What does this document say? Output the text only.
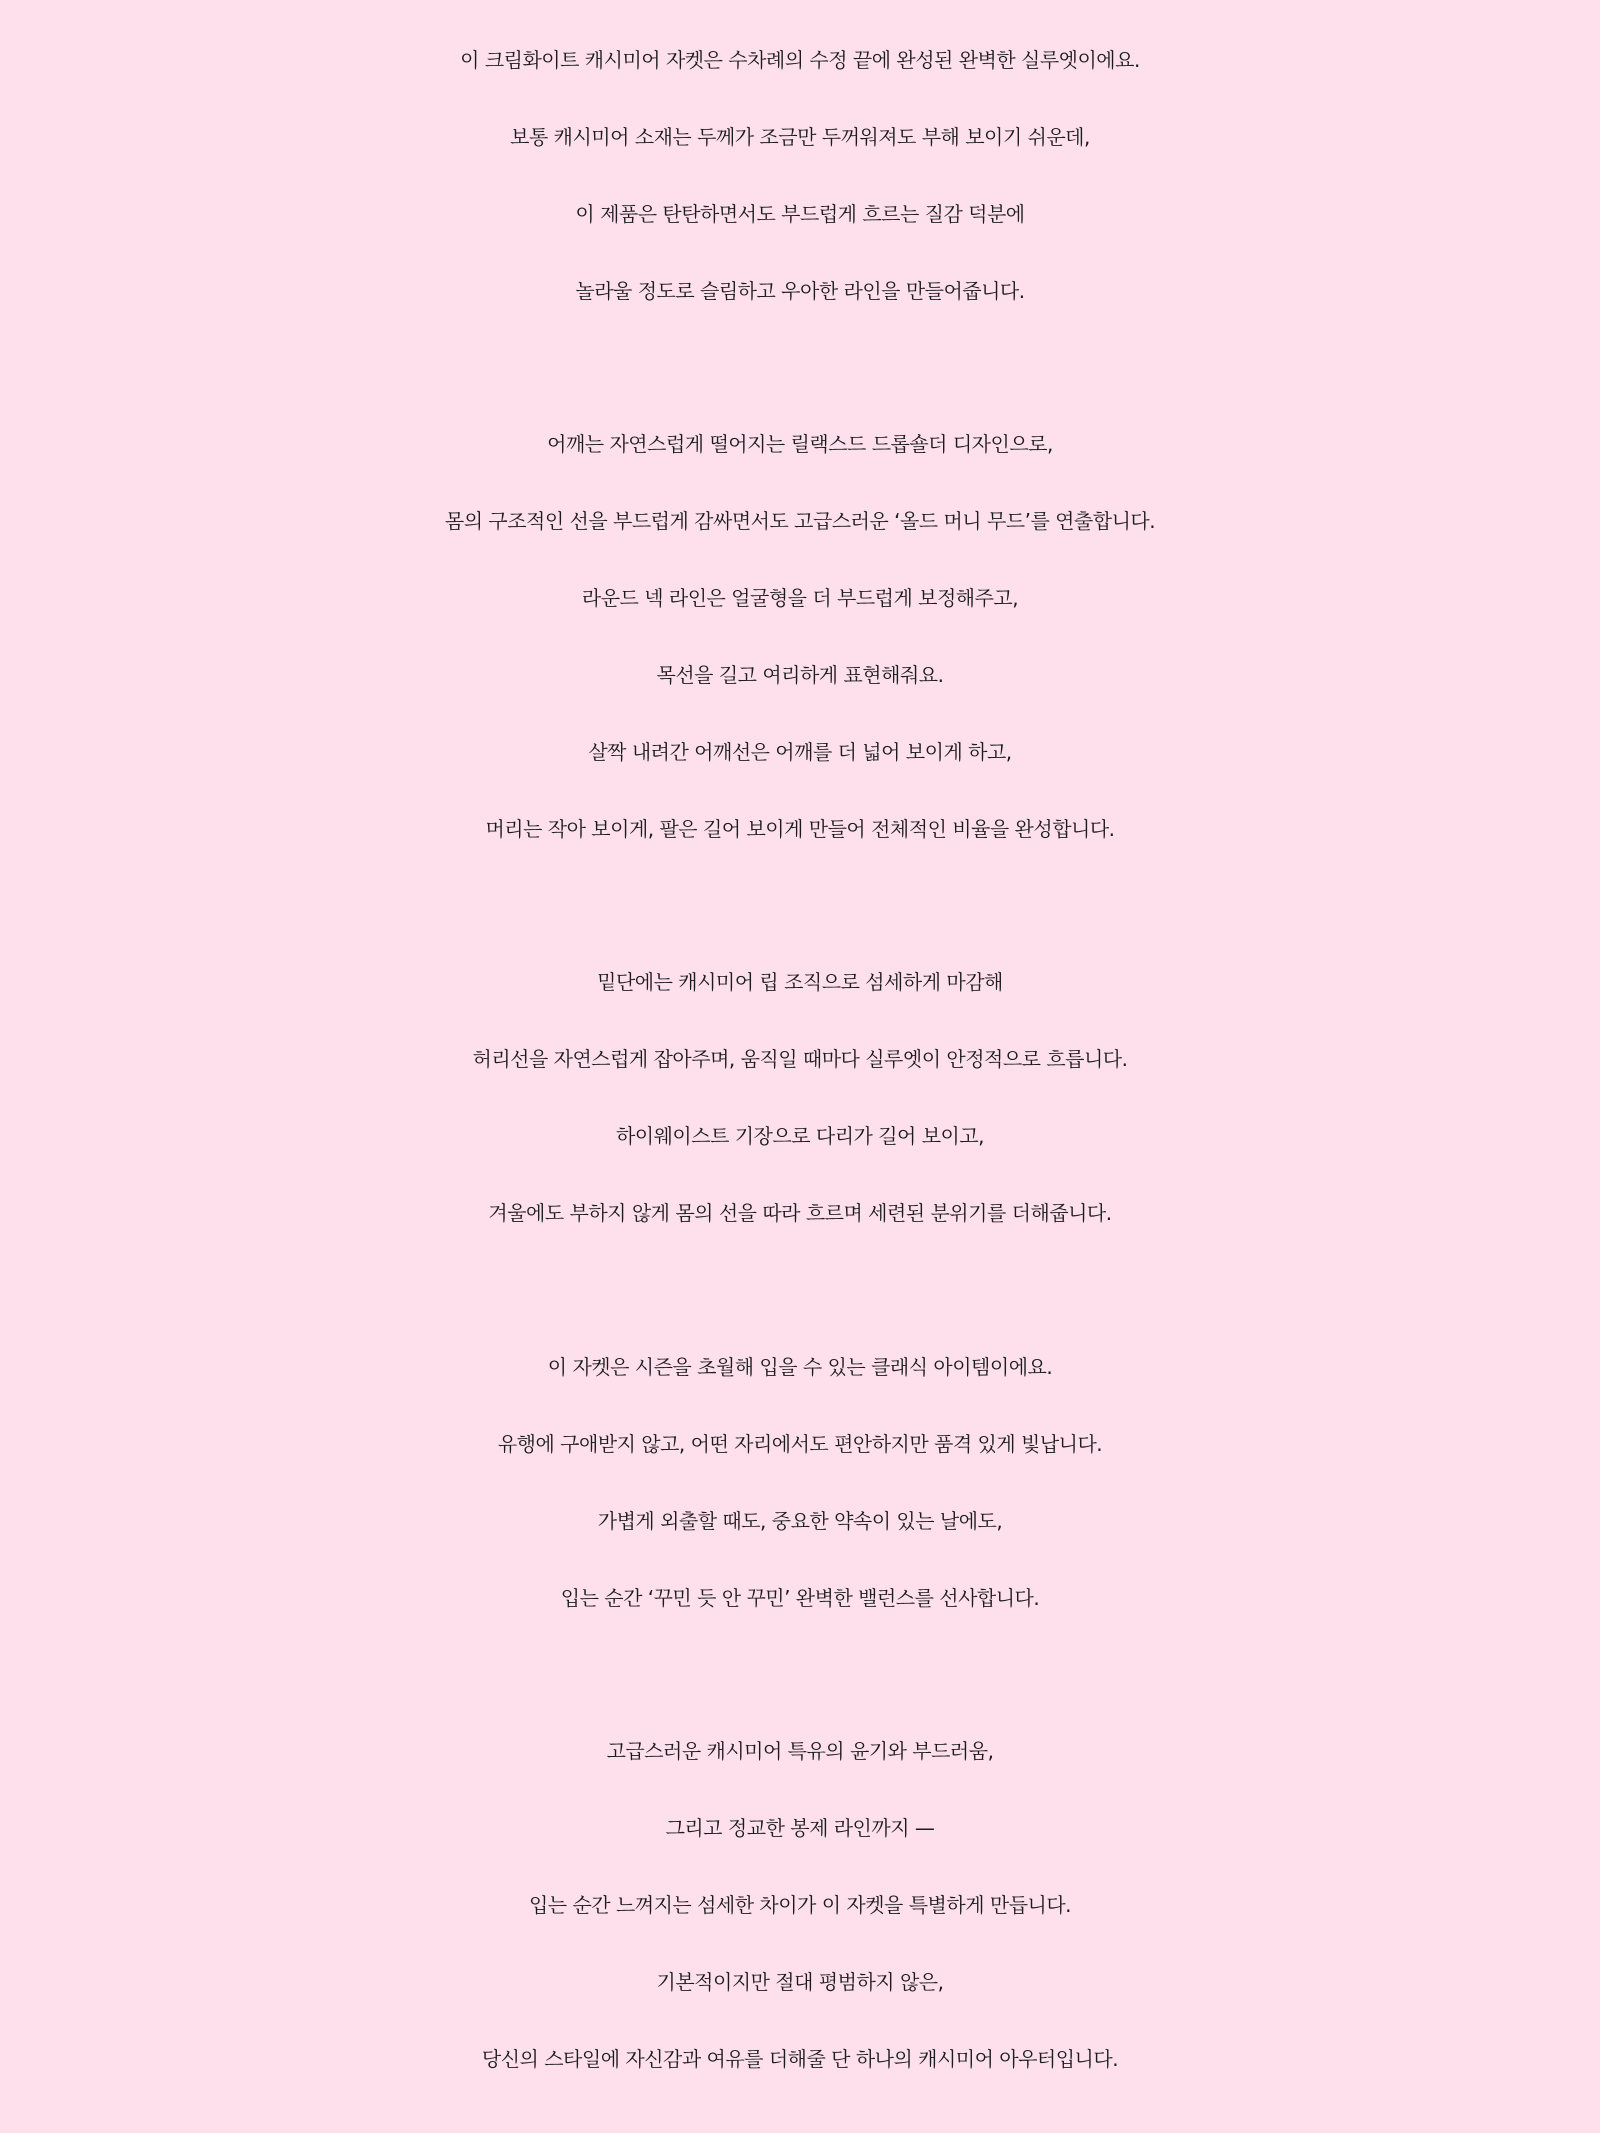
이 크림화이트 캐시미어 자켓은 수차례의 수정 끝에 완성된 완벽한 실루엣이에요.
보통 캐시미어 소재는 두께가 조금만 두꺼워져도 부해 보이기 쉬운데,
이 제품은 탄탄하면서도 부드럽게 흐르는 질감 덕분에
놀라울 정도로 슬림하고 우아한 라인을 만들어줍니다.
어깨는 자연스럽게 떨어지는 릴랙스드 드롭숄더 디자인으로,
몸의 구조적인 선을 부드럽게 감싸면서도 고급스러운 ‘올드 머니 무드’를 연출합니다.
라운드 넥 라인은 얼굴형을 더 부드럽게 보정해주고,
목선을 길고 여리하게 표현해줘요.
살짝 내려간 어깨선은 어깨를 더 넓어 보이게 하고,
머리는 작아 보이게, 팔은 길어 보이게 만들어 전체적인 비율을 완성합니다.
밑단에는 캐시미어 립 조직으로 섬세하게 마감해
허리선을 자연스럽게 잡아주며, 움직일 때마다 실루엣이 안정적으로 흐릅니다.
하이웨이스트 기장으로 다리가 길어 보이고,
겨울에도 부하지 않게 몸의 선을 따라 흐르며 세련된 분위기를 더해줍니다.
이 자켓은 시즌을 초월해 입을 수 있는 클래식 아이템이에요.
유행에 구애받지 않고, 어떤 자리에서도 편안하지만 품격 있게 빛납니다.
가볍게 외출할 때도, 중요한 약속이 있는 날에도,
입는 순간 ‘꾸민 듯 안 꾸민’ 완벽한 밸런스를 선사합니다.
고급스러운 캐시미어 특유의 윤기와 부드러움,
그리고 정교한 봉제 라인까지 —
입는 순간 느껴지는 섬세한 차이가 이 자켓을 특별하게 만듭니다.
기본적이지만 절대 평범하지 않은,
당신의 스타일에 자신감과 여유를 더해줄 단 하나의 캐시미어 아우터입니다.
